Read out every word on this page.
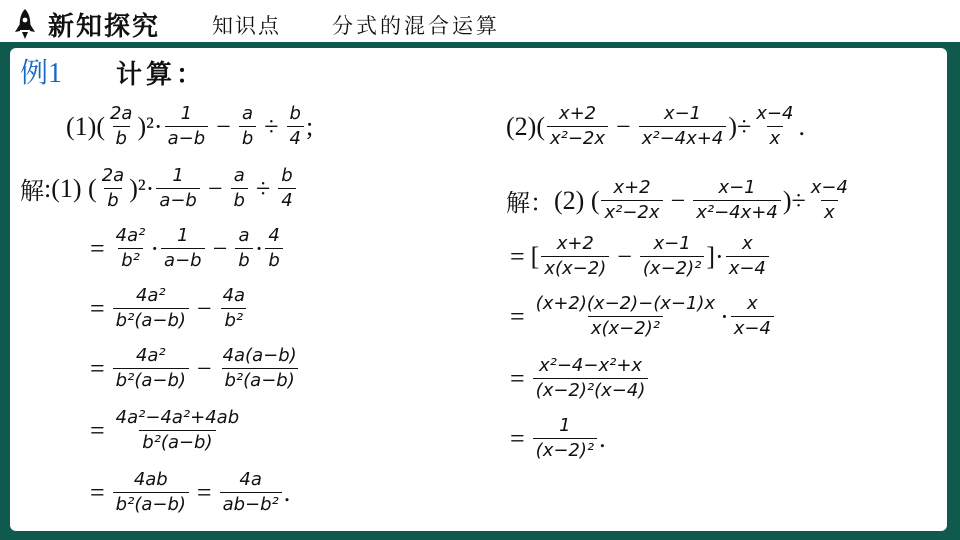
新知探究 知识点 分式的混合运算
例1 计算：
$(1)( \frac{2a}{b} )^2\cdot \frac{1}{a-b} - \frac{a}{b} \div \frac{b}{4}$ ;	$(2)( \frac{x+2}{\text{x²−2x}} - \frac{x-1}{\text{x²−4x+4}}$ )÷ $\frac{x-4}{x}$ .
解 :(1) ( $\frac{2a}{b} )^2\cdot \frac{1}{a-b} - \frac{a}{b} \div \frac{b}{4}$
= $\frac{\text{4a²}}{\text{b²}} \cdot \frac{1}{a-b} - \frac{a}{b} \cdot \frac{4}{b}$
= $\frac{\text{4a²}}{\text{b²(a−b)}} - \frac{4a}{\text{b²}}$
= $\frac{\text{4a²}}{\text{b²(a−b)}} - \frac{4a(a-b)}{\text{b²(a−b)}}$
= $\frac{\text{4a²−4a²+4ab}}{\text{b²(a−b)}}$
= $\frac{4ab}{\text{b²(a−b)}} = \frac{4a}{\text{ab−b²}}$ .
解： (2) ( $\frac{x+2}{\text{x²−2x}} - \frac{x-1}{\text{x²−4x+4}}$ )÷ $\frac{x-4}{x}$
= [ $\frac{x+2}{x(x-2)} - \frac{x-1}{\text{(x−2)²}}$ ]· $\frac{x}{x-4}$
= $\frac{(x+2)(x-2)-(x-1)x}{\text{x(x−2)²}} \cdot \frac{x}{x-4}$
= $\frac{\text{x²−4−x²+x}}{\text{(x−2)²(x−4)}}$
= $\frac{1}{\text{(x−2)²}}$ .
